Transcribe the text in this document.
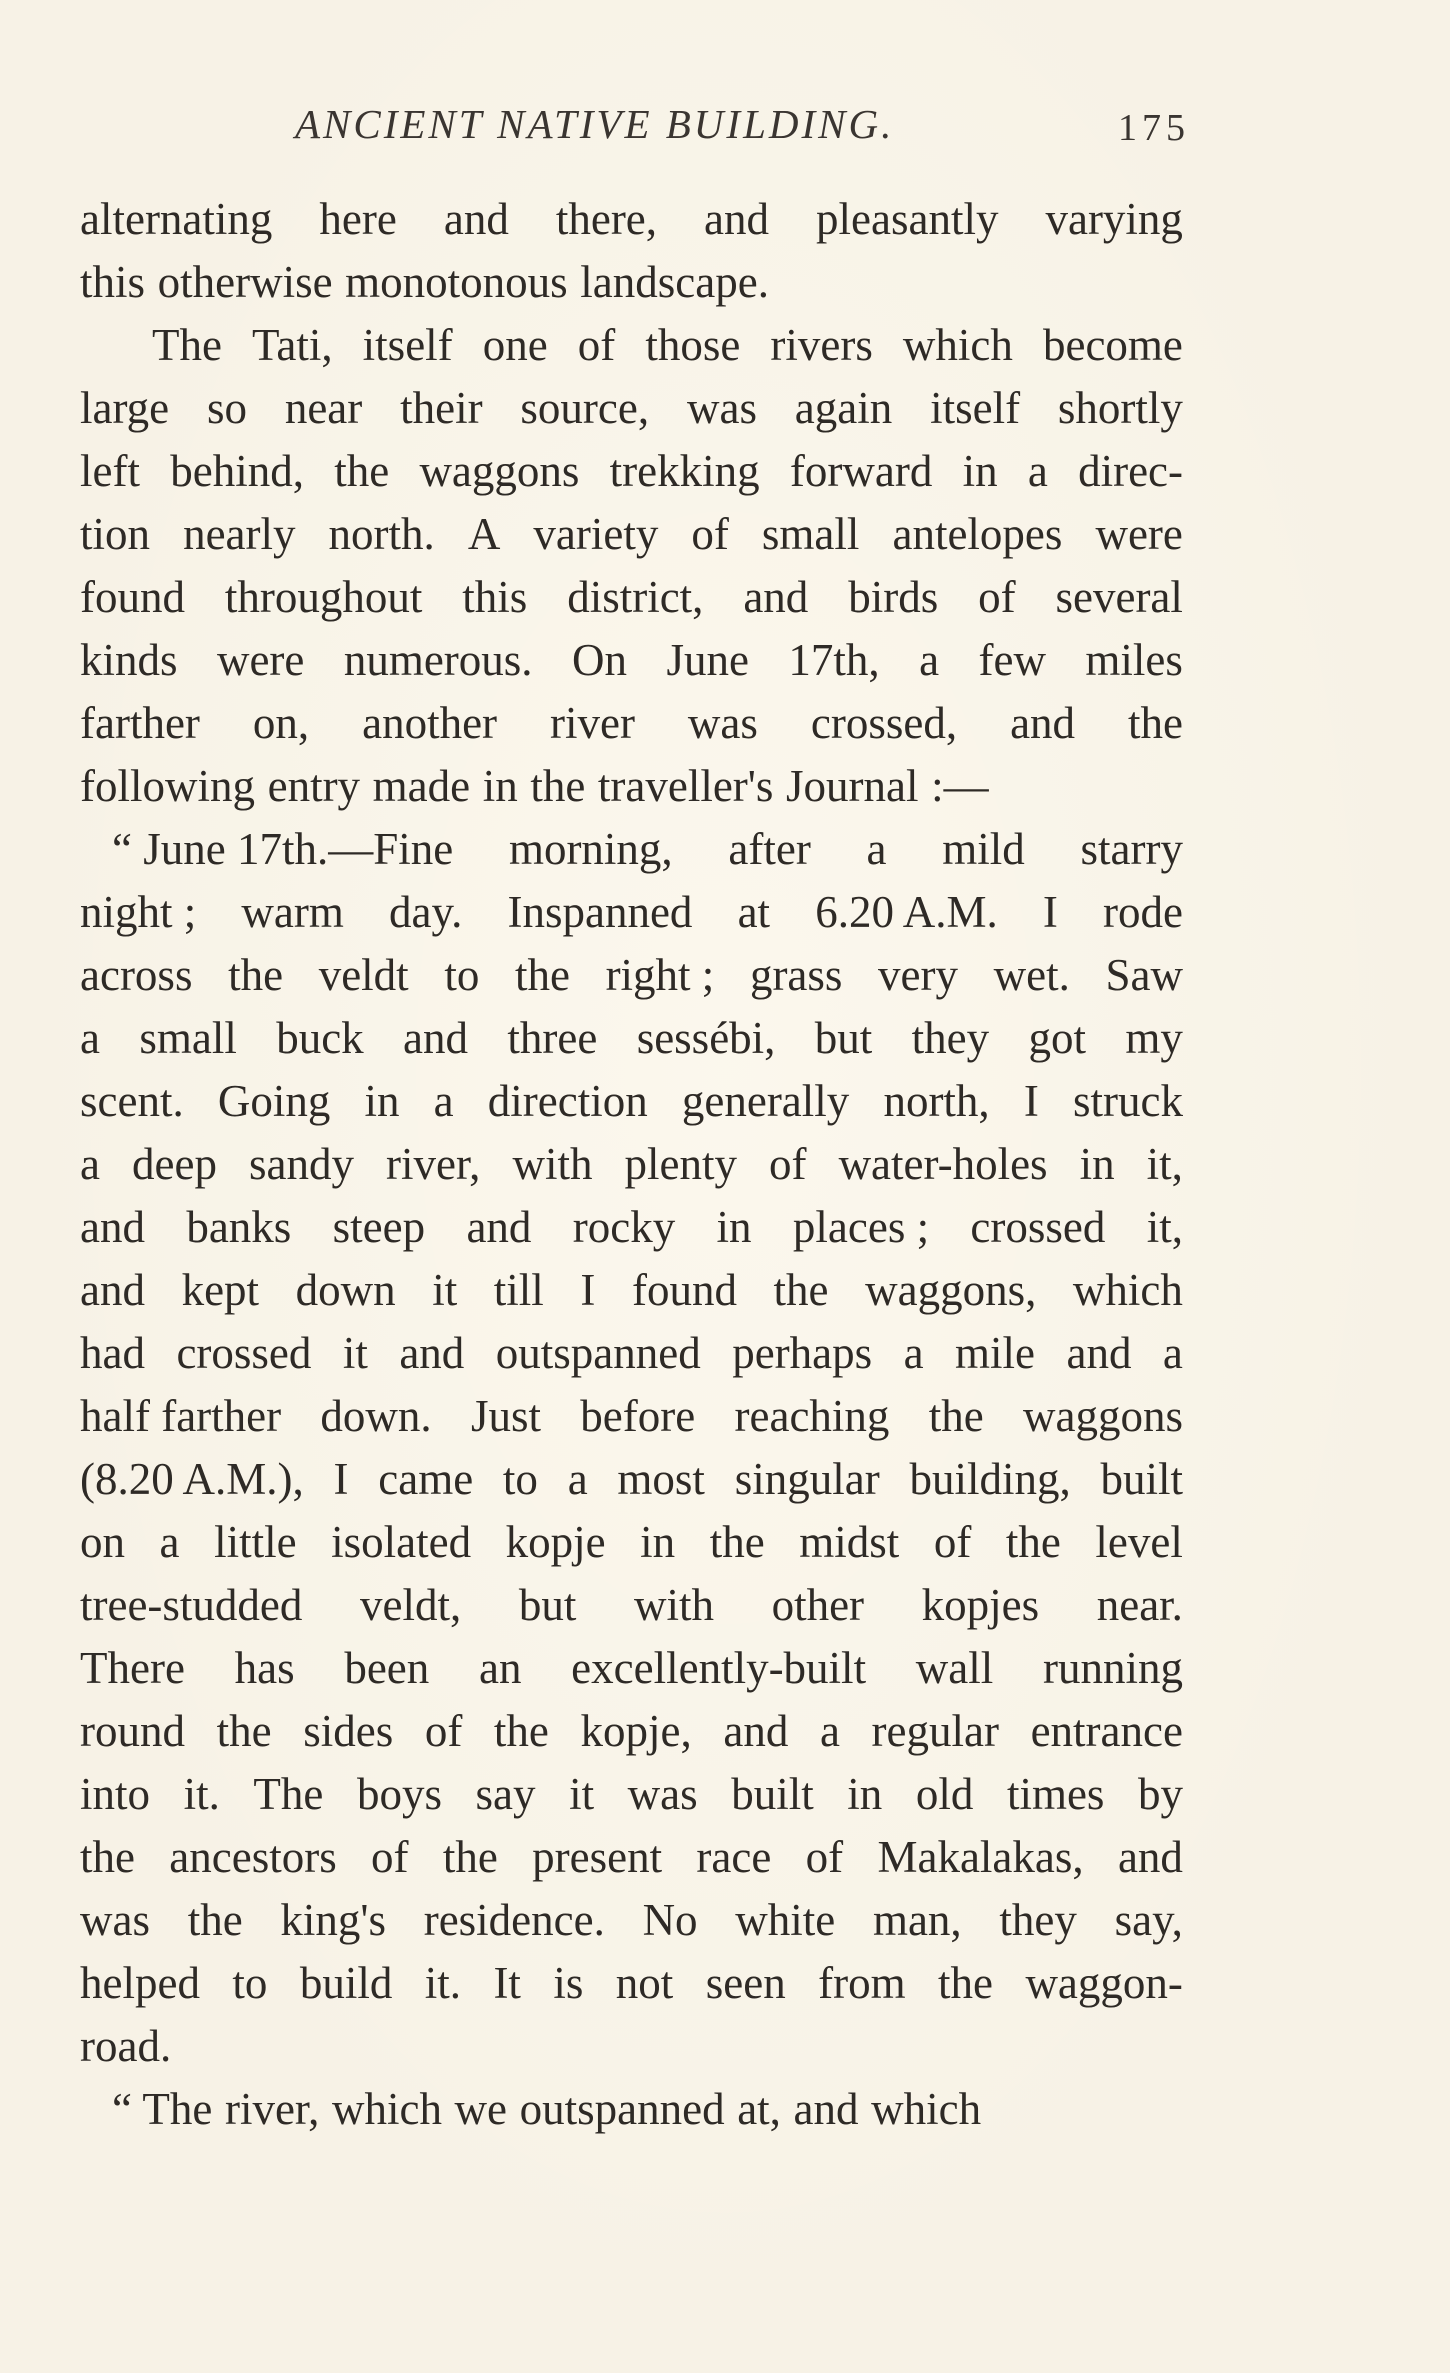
ANCIENT NATIVE BUILDING.	175
alternating here and there, and pleasantly varying
this otherwise monotonous landscape.
The Tati, itself one of those rivers which become
large so near their source, was again itself shortly
left behind, the waggons trekking forward in a direc-
tion nearly north. A variety of small antelopes were
found throughout this district, and birds of several
kinds were numerous. On June 17th, a few miles
farther on, another river was crossed, and the
following entry made in the traveller's Journal :—
“ June 17th.—Fine morning, after a mild starry
night ; warm day. Inspanned at 6.20 A.M. I rode
across the veldt to the right ; grass very wet. Saw
a small buck and three sessébi, but they got my
scent. Going in a direction generally north, I struck
a deep sandy river, with plenty of water-holes in it,
and banks steep and rocky in places ; crossed it,
and kept down it till I found the waggons, which
had crossed it and outspanned perhaps a mile and a
half farther down. Just before reaching the waggons
(8.20 A.M.), I came to a most singular building, built
on a little isolated kopje in the midst of the level
tree-studded veldt, but with other kopjes near.
There has been an excellently-built wall running
round the sides of the kopje, and a regular entrance
into it. The boys say it was built in old times by
the ancestors of the present race of Makalakas, and
was the king's residence. No white man, they say,
helped to build it. It is not seen from the waggon-
road.
“ The river, which we outspanned at, and which
